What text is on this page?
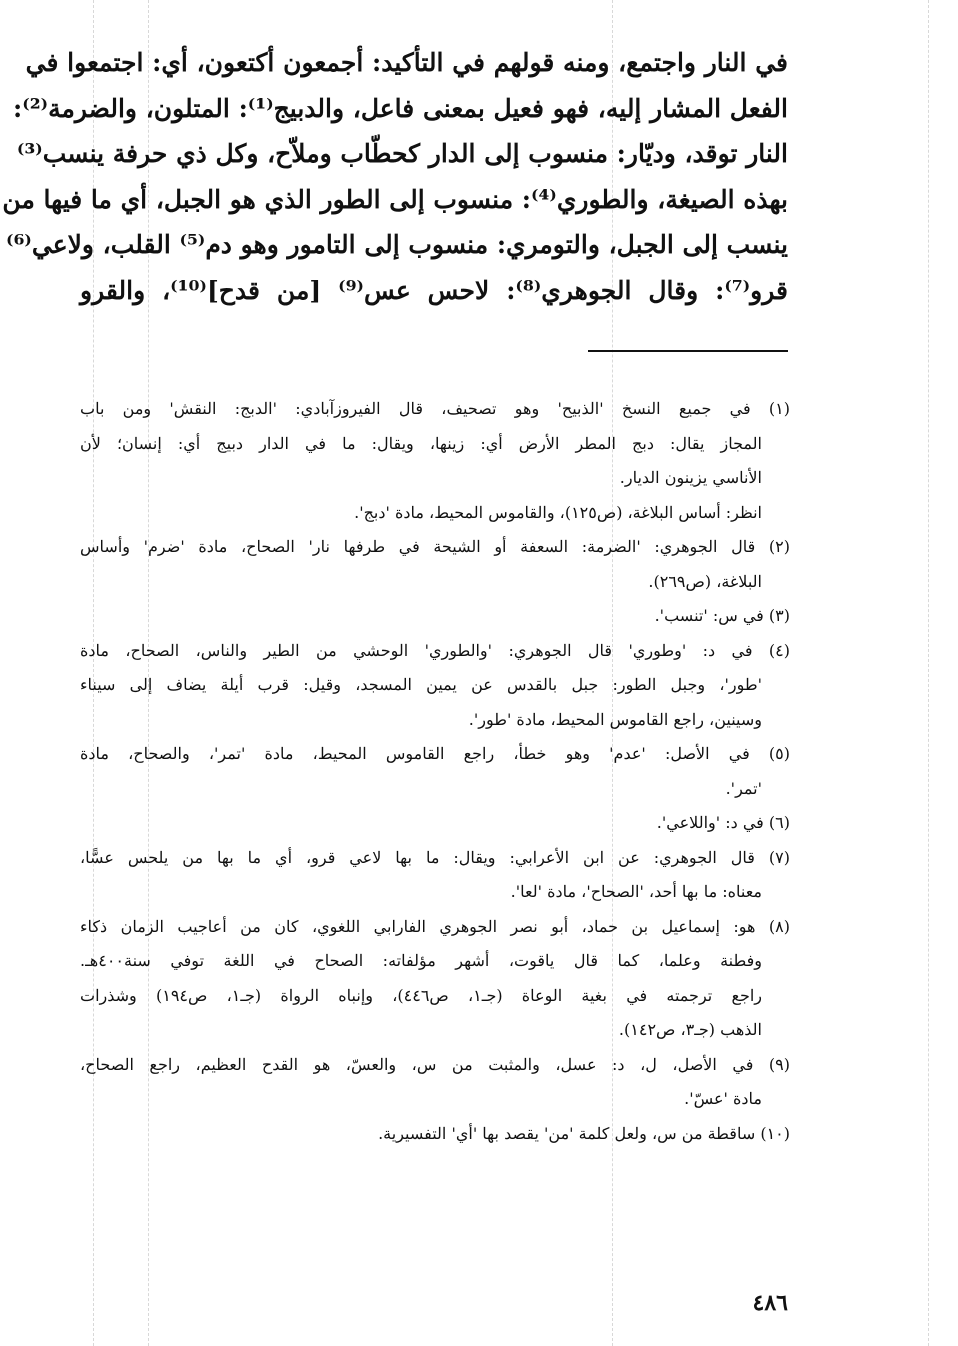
في النار واجتمع، ومنه قولهم في التأكيد: أجمعون أكتعون، أي: اجتمعوا في
الفعل المشار إليه، فهو فعيل بمعنى فاعل، والدبيج⁽¹⁾: المتلون، والضرمة⁽²⁾:
النار توقد، وديّار: منسوب إلى الدار كحطّاب وملاّح، وكل ذي حرفة ينسب⁽³⁾
بهذه الصيغة، والطوري⁽⁴⁾: منسوب إلى الطور الذي هو الجبل، أي ما فيها من
ينسب إلى الجبل، والتومري: منسوب إلى التامور وهو دم⁽⁵⁾ القلب، ولاعي⁽⁶⁾
قرو⁽⁷⁾: وقال الجوهري⁽⁸⁾: لاحس عس⁽⁹⁾ [من قدح]⁽¹⁰⁾، والقرو
(١) في جميع النسخ 'الذبيح' وهو تصحيف، قال الفيروزآبادي: 'الدبج: النقش' ومن باب
المجاز يقال: دبج المطر الأرض أي: زينها، ويقال: ما في الدار دبيج أي: إنسان؛ لأن
الأناسي يزينون الديار.
انظر: أساس البلاغة، (ص١٢٥)، والقاموس المحيط، مادة 'دبج'.
(٢) قال الجوهري: 'الضرمة: السعفة أو الشيحة في طرفها نار' الصحاح، مادة 'ضرم' وأساس
البلاغة، (ص٢٦٩).
(٣) في س: 'تنسب'.
(٤) في د: 'وطوري' قال الجوهري: 'والطوري' الوحشي من الطير والناس، الصحاح، مادة
'طور'، وجبل الطور: جبل بالقدس عن يمين المسجد، وقيل: قرب أيلة يضاف إلى سيناء
وسينين، راجع القاموس المحيط، مادة 'طور'.
(٥) في الأصل: 'عدم' وهو خطأ، راجع القاموس المحيط، مادة 'تمر'، والصحاح، مادة
'تمر'.
(٦) في د: 'واللاعي'.
(٧) قال الجوهري: عن ابن الأعرابي: ويقال: ما بها لاعي قرو، أي ما بها من يلحس عسًّا،
معناه: ما بها أحد، 'الصحاح'، مادة 'لعا'.
(٨) هو: إسماعيل بن حماد، أبو نصر الجوهري الفارابي اللغوي، كان من أعاجيب الزمان ذكاء
وفطنة وعلما، كما قال ياقوت، أشهر مؤلفاته: الصحاح في اللغة توفي سنة٤٠٠هـ.
راجع ترجمته في بغية الوعاة (جـ١، ص٤٤٦)، وإنباه الرواة (جـ١، ص١٩٤) وشذرات
الذهب (جـ٣، ص١٤٢).
(٩) في الأصل، ل، د: عسل، والمثبت من س، والعسّ، هو القدح العظيم، راجع الصحاح،
مادة 'عسّ'.
(١٠) ساقطة من س، ولعل كلمة 'من' يقصد بها 'أي' التفسيرية.
٤٨٦
